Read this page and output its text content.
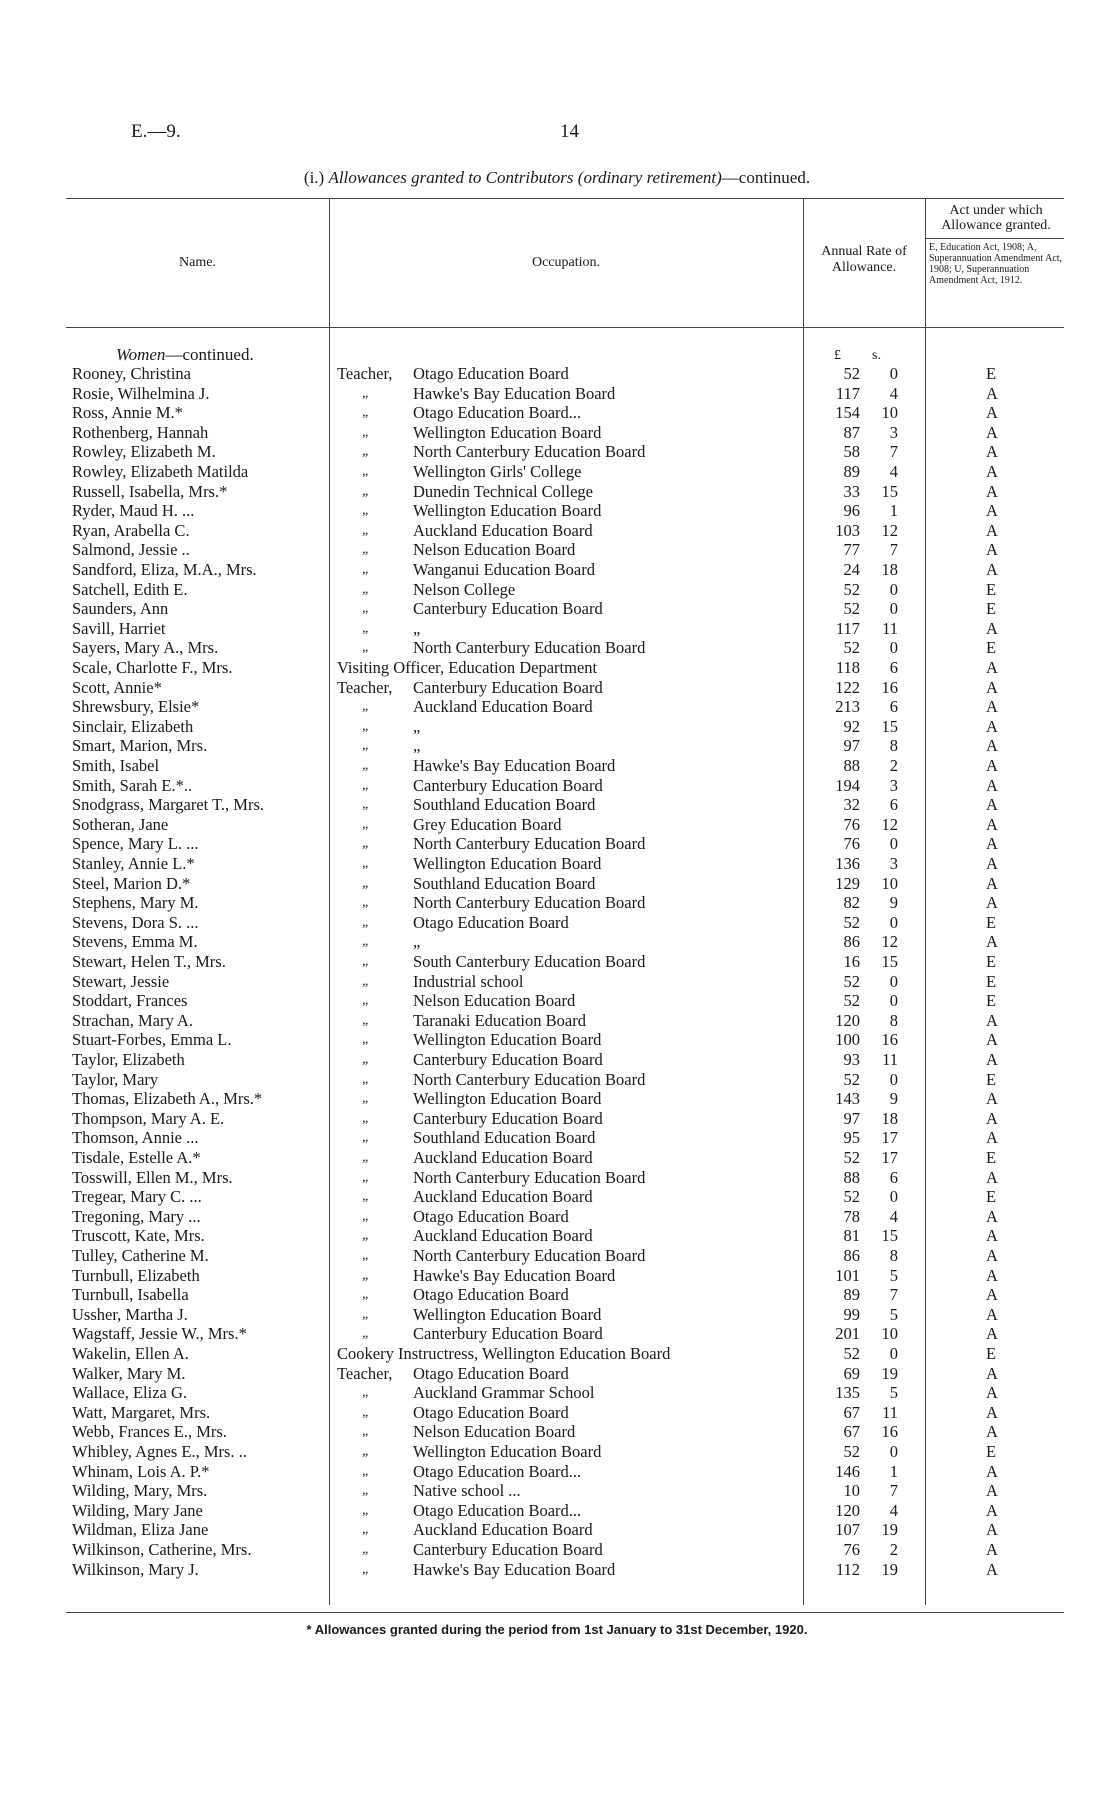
E.—9.	14
(i.) Allowances granted to Contributors (ordinary retirement)—continued.
Name.	Occupation.
Annual Rate of Allowance.
Act under which Allowance granted.
E, Education Act, 1908; A, Superannuation Amendment Act, 1908; U, Superannuation Amendment Act, 1912.
Women—continued.	£ s.
Rooney, Christina	Teacher, Otago Education Board	52 0	E
Rosie, Wilhelmina J.	„	Hawke's Bay Education Board	117 4	A
Ross, Annie M.*	„	Otago Education Board...	154 10	A
Rothenberg, Hannah	„	Wellington Education Board	87 3	A
Rowley, Elizabeth M.	„	North Canterbury Education Board	58 7	A
Rowley, Elizabeth Matilda	„	Wellington Girls' College	89 4	A
Russell, Isabella, Mrs.*	„	Dunedin Technical College	33 15	A
Ryder, Maud H. ...	„	Wellington Education Board	96 1	A
Ryan, Arabella C.	„	Auckland Education Board	103 12	A
Salmond, Jessie ..	„	Nelson Education Board	77 7	A
Sandford, Eliza, M.A., Mrs.	„	Wanganui Education Board	24 18	A
Satchell, Edith E.	„	Nelson College	52 0	E
Saunders, Ann	„	Canterbury Education Board	52 0	E
Savill, Harriet	„	„	117 11	A
Sayers, Mary A., Mrs.	„	North Canterbury Education Board	52 0	E
Scale, Charlotte F., Mrs.	Visiting Officer, Education Department	118 6	A
Scott, Annie*	Teacher, Canterbury Education Board	122 16	A
Shrewsbury, Elsie*	„	Auckland Education Board	213 6	A
Sinclair, Elizabeth	„	„	92 15	A
Smart, Marion, Mrs.	„	„	97 8	A
Smith, Isabel	„	Hawke's Bay Education Board	88 2	A
Smith, Sarah E.*..	„	Canterbury Education Board	194 3	A
Snodgrass, Margaret T., Mrs.	„	Southland Education Board	32 6	A
Sotheran, Jane	„	Grey Education Board	76 12	A
Spence, Mary L. ...	„	North Canterbury Education Board	76 0	A
Stanley, Annie L.*	„	Wellington Education Board	136 3	A
Steel, Marion D.*	„	Southland Education Board	129 10	A
Stephens, Mary M.	„	North Canterbury Education Board	82 9	A
Stevens, Dora S. ...	„	Otago Education Board	52 0	E
Stevens, Emma M.	„	„	86 12	A
Stewart, Helen T., Mrs.	„	South Canterbury Education Board	16 15	E
Stewart, Jessie	„	Industrial school	52 0	E
Stoddart, Frances	„	Nelson Education Board	52 0	E
Strachan, Mary A.	„	Taranaki Education Board	120 8	A
Stuart-Forbes, Emma L.	„	Wellington Education Board	100 16	A
Taylor, Elizabeth	„	Canterbury Education Board	93 11	A
Taylor, Mary	„	North Canterbury Education Board	52 0	E
Thomas, Elizabeth A., Mrs.*	„	Wellington Education Board	143 9	A
Thompson, Mary A. E.	„	Canterbury Education Board	97 18	A
Thomson, Annie ...	„	Southland Education Board	95 17	A
Tisdale, Estelle A.*	„	Auckland Education Board	52 17	E
Tosswill, Ellen M., Mrs.	„	North Canterbury Education Board	88 6	A
Tregear, Mary C. ...	„	Auckland Education Board	52 0	E
Tregoning, Mary ...	„	Otago Education Board	78 4	A
Truscott, Kate, Mrs.	„	Auckland Education Board	81 15	A
Tulley, Catherine M.	„	North Canterbury Education Board	86 8	A
Turnbull, Elizabeth	„	Hawke's Bay Education Board	101 5	A
Turnbull, Isabella	„	Otago Education Board	89 7	A
Ussher, Martha J.	„	Wellington Education Board	99 5	A
Wagstaff, Jessie W., Mrs.*	„	Canterbury Education Board	201 10	A
Wakelin, Ellen A.	Cookery Instructress, Wellington Education Board	52 0	E
Walker, Mary M.	Teacher, Otago Education Board	69 19	A
Wallace, Eliza G.	„	Auckland Grammar School	135 5	A
Watt, Margaret, Mrs.	„	Otago Education Board	67 11	A
Webb, Frances E., Mrs.	„	Nelson Education Board	67 16	A
Whibley, Agnes E., Mrs. ..	„	Wellington Education Board	52 0	E
Whinam, Lois A. P.*	„	Otago Education Board...	146 1	A
Wilding, Mary, Mrs.	„	Native school ...	10 7	A
Wilding, Mary Jane	„	Otago Education Board...	120 4	A
Wildman, Eliza Jane	„	Auckland Education Board	107 19	A
Wilkinson, Catherine, Mrs.	„	Canterbury Education Board	76 2	A
Wilkinson, Mary J.	„	Hawke's Bay Education Board	112 19	A
* Allowances granted during the period from 1st January to 31st December, 1920.
